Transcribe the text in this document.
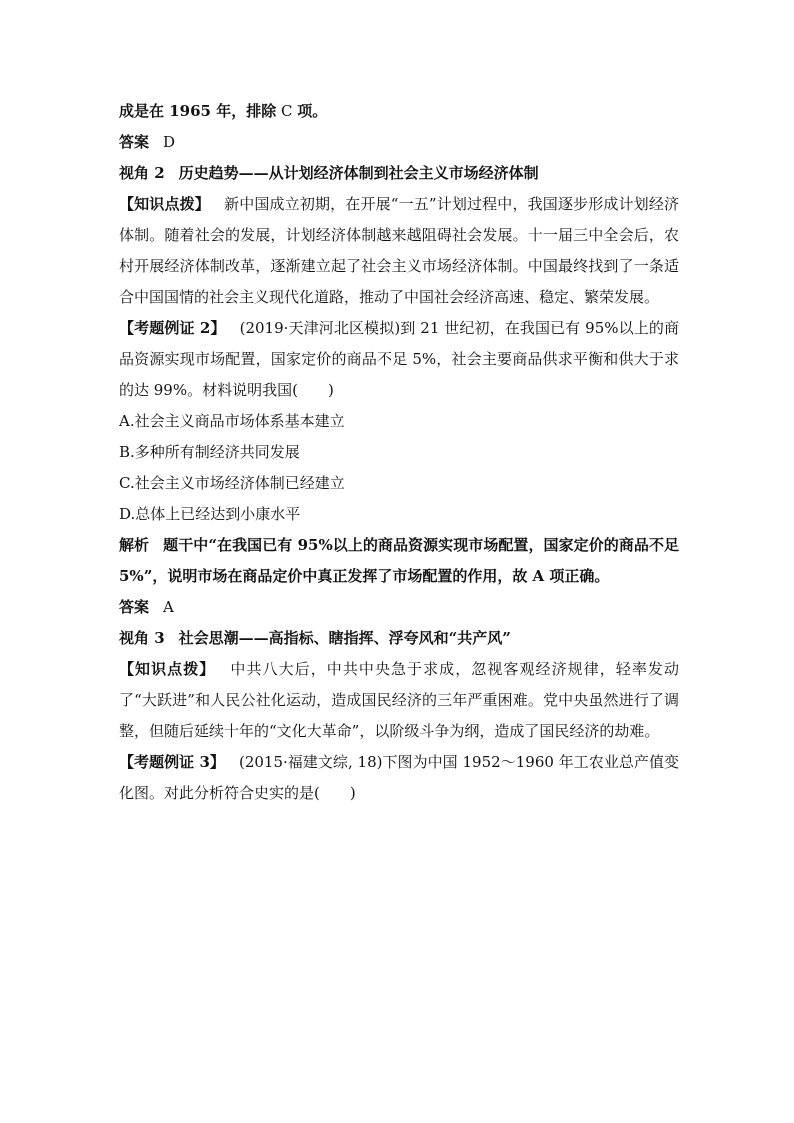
成是在 1965 年，排除 C 项。

答案 D

视角 2 历史趋势——从计划经济体制到社会主义市场经济体制

【知识点拨】 新中国成立初期，在开展“一五”计划过程中，我国逐步形成计划经济体制。随着社会的发展，计划经济体制越来越阻碍社会发展。十一届三中全会后，农村开展经济体制改革，逐渐建立起了社会主义市场经济体制。中国最终找到了一条适合中国国情的社会主义现代化道路，推动了中国社会经济高速、稳定、繁荣发展。

【考题例证 2】 (2019·天津河北区模拟)到 21 世纪初，在我国已有 95%以上的商品资源实现市场配置，国家定价的商品不足 5%，社会主要商品供求平衡和供大于求的达 99%。材料说明我国(　　)

A.社会主义商品市场体系基本建立

B.多种所有制经济共同发展

C.社会主义市场经济体制已经建立

D.总体上已经达到小康水平

解析 题干中“在我国已有 95%以上的商品资源实现市场配置，国家定价的商品不足 5%”，说明市场在商品定价中真正发挥了市场配置的作用，故 A 项正确。

答案 A

视角 3 社会思潮——高指标、瞎指挥、浮夸风和“共产风”

【知识点拨】 中共八大后，中共中央急于求成，忽视客观经济规律，轻率发动了“大跃进”和人民公社化运动，造成国民经济的三年严重困难。党中央虽然进行了调整，但随后延续十年的“文化大革命”，以阶级斗争为纲，造成了国民经济的劫难。

【考题例证 3】 (2015·福建文综, 18)下图为中国 1952～1960 年工农业总产值变化图。对此分析符合史实的是(　　)
